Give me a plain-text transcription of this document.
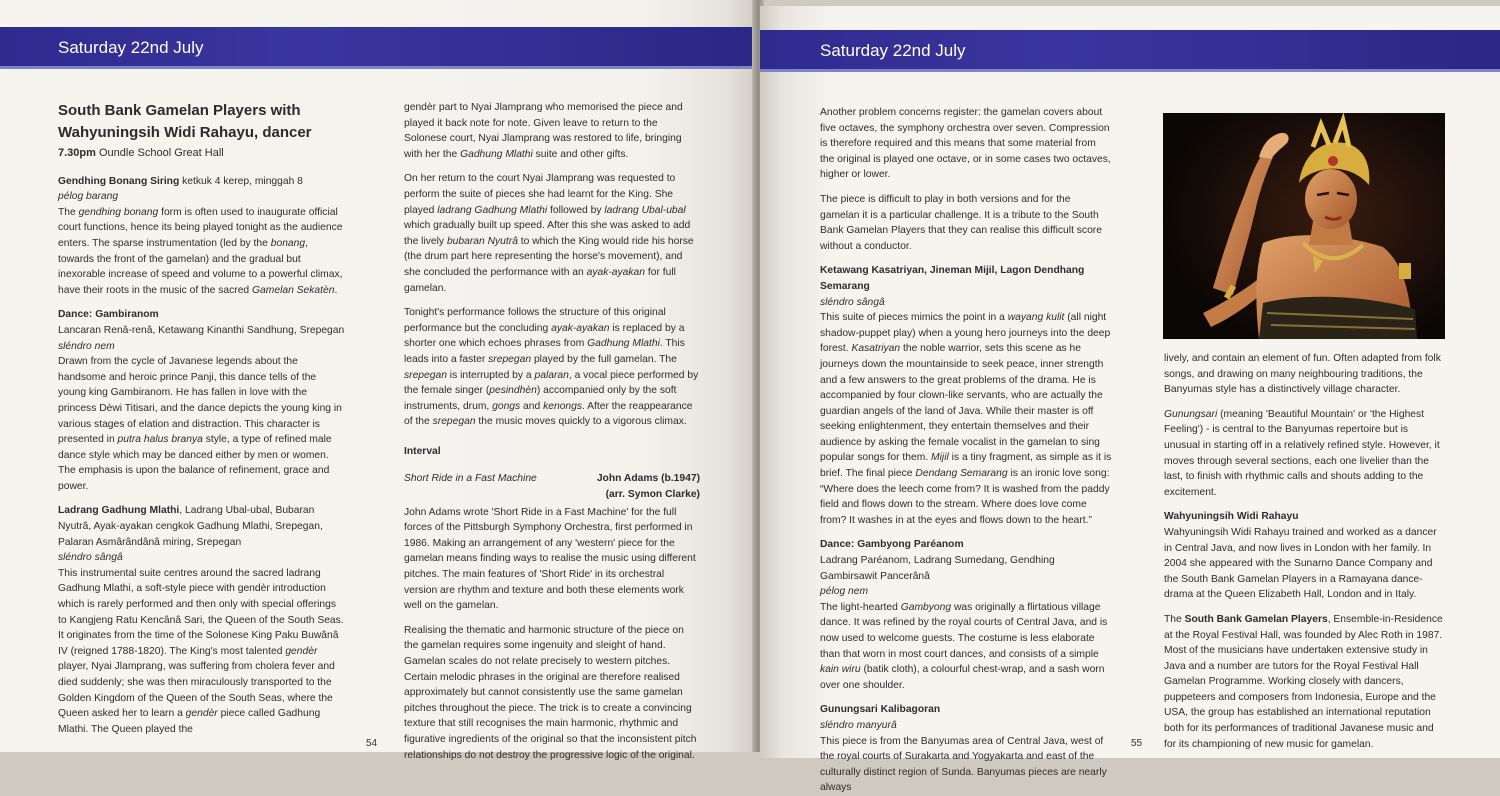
Saturday 22nd July
South Bank Gamelan Players with Wahyuningsih Widi Rahayu, dancer
7.30pm Oundle School Great Hall
Gendhing Bonang Siring ketkuk 4 kerep, minggah 8
pélog barang

The gendhing bonang form is often used to inaugurate official court functions, hence its being played tonight as the audience enters. The sparse instrumentation (led by the bonang, towards the front of the gamelan) and the gradual but inexorable increase of speed and volume to a powerful climax, have their roots in the music of the sacred Gamelan Sekatèn.

Dance: Gambiranom
Lancaran Renâ-renâ, Ketawang Kinanthi Sandhung, Srepegan
sléndro nem

Drawn from the cycle of Javanese legends about the handsome and heroic prince Panji, this dance tells of the young king Gambiranom. He has fallen in love with the princess Dèwi Titisari, and the dance depicts the young king in various stages of elation and distraction. This character is presented in putra halus branya style, a type of refined male dance style which may be danced either by men or women. The emphasis is upon the balance of refinement, grace and power.

Ladrang Gadhung Mlathi, Ladrang Ubal-ubal, Bubaran Nyutrâ, Ayak-ayakan cengkok Gadhung Mlathi, Srepegan, Palaran Asmârândânâ miring, Srepegan
sléndro sângâ
This instrumental suite centres around the sacred ladrang Gadhung Mlathi, a soft-style piece with gendèr introduction which is rarely performed and then only with special offerings to Kangjeng Ratu Kencânâ Sari, the Queen of the South Seas.
It originates from the time of the Solonese King Paku Buwânâ IV (reigned 1788-1820). The King's most talented gendèr player, Nyai Jlamprang, was suffering from cholera fever and died suddenly; she was then miraculously transported to the Golden Kingdom of the Queen of the South Seas, where the Queen asked her to learn a gendèr piece called Gadhung Mlathi. The Queen played the

gendèr part to Nyai Jlamprang who memorised the piece and played it back note for note. Given leave to return to the Solonese court, Nyai Jlamprang was restored to life, bringing with her the Gadhung Mlathi suite and other gifts.

On her return to the court Nyai Jlamprang was requested to perform the suite of pieces she had learnt for the King. She played ladrang Gadhung Mlathi followed by ladrang Ubal-ubal which gradually built up speed. After this she was asked to add the lively bubaran Nyutrâ to which the King would ride his horse (the drum part here representing the horse's movement), and she concluded the performance with an ayak-ayakan for full gamelan.

Tonight's performance follows the structure of this original performance but the concluding ayak-ayakan is replaced by a shorter one which echoes phrases from Gadhung Mlathi. This leads into a faster srepegan played by the full gamelan. The srepegan is interrupted by a palaran, a vocal piece performed by the female singer (pesindhèn) accompanied only by the soft instruments, drum, gongs and kenongs. After the reappearance of the srepegan the music moves quickly to a vigorous climax.

Interval

Short Ride in a Fast Machine	John Adams (b.1947)
(arr. Symon Clarke)

John Adams wrote 'Short Ride in a Fast Machine' for the full forces of the Pittsburgh Symphony Orchestra, first performed in 1986. Making an arrangement of any 'western' piece for the gamelan means finding ways to realise the music using different pitches. The main features of 'Short Ride' in its orchestral version are rhythm and texture and both these elements work well on the gamelan.

Realising the thematic and harmonic structure of the piece on the gamelan requires some ingenuity and sleight of hand. Gamelan scales do not relate precisely to western pitches. Certain melodic phrases in the original are therefore realised approximately but cannot consistently use the same gamelan pitches throughout the piece. The trick is to create a convincing texture that still recognises the main harmonic, rhythmic and figurative ingredients of the original so that the inconsistent pitch relationships do not destroy the progressive logic of the original.

54
Saturday 22nd July

Another problem concerns register: the gamelan covers about five octaves, the symphony orchestra over seven. Compression is therefore required and this means that some material from the original is played one octave, or in some cases two octaves, higher or lower.

The piece is difficult to play in both versions and for the gamelan it is a particular challenge. It is a tribute to the South Bank Gamelan Players that they can realise this difficult score without a conductor.

Ketawang Kasatriyan, Jineman Mijil, Lagon Dendhang Semarang
sléndro sângâ
This suite of pieces mimics the point in a wayang kulit (all night shadow-puppet play) when a young hero journeys into the deep forest. Kasatriyan the noble warrior, sets this scene as he journeys down the mountainside to seek peace, inner strength and a few answers to the great problems of the drama. He is accompanied by four clown-like servants, who are actually the guardian angels of the land of Java. While their master is off seeking enlightenment, they entertain themselves and their audience by asking the female vocalist in the gamelan to sing popular songs for them. Mijil is a tiny fragment, as simple as it is brief. The final piece Dendang Semarang is an ironic love song:

“Where does the leech come from? It is washed from the paddy field and flows down to the stream. Where does love come from? It washes in at the eyes and flows down to the heart.”

Dance: Gambyong Paréanom
Ladrang Paréanom, Ladrang Sumedang, Gendhing Gambirsawit Pancerânâ
pélog nem

The light-hearted Gambyong was originally a flirtatious village dance. It was refined by the royal courts of Central Java, and is now used to welcome guests. The costume is less elaborate than that worn in most court dances, and consists of a simple kain wiru (batik cloth), a colourful chest-wrap, and a sash worn over one shoulder.

Gunungsari Kalibagoran
sléndro manyurâ
This piece is from the Banyumas area of Central Java, west of the royal courts of Surakarta and Yogyakarta and east of the culturally distinct region of Sunda. Banyumas pieces are nearly always

lively, and contain an element of fun. Often adapted from folk songs, and drawing on many neighbouring traditions, the Banyumas style has a distinctively village character.

Gunungsari (meaning 'Beautiful Mountain' or 'the Highest Feeling') - is central to the Banyumas repertoire but is unusual in starting off in a relatively refined style. However, it moves through several sections, each one livelier than the last, to finish with rhythmic calls and shouts adding to the excitement.

Wahyuningsih Widi Rahayu

Wahyuningsih Widi Rahayu trained and worked as a dancer in Central Java, and now lives in London with her family. In 2004 she appeared with the Sunarno Dance Company and the South Bank Gamelan Players in a Ramayana dance-drama at the Queen Elizabeth Hall, London and in Italy.

The South Bank Gamelan Players, Ensemble-in-Residence at the Royal Festival Hall, was founded by Alec Roth in 1987. Most of the musicians have undertaken extensive study in Java and a number are tutors for the Royal Festival Hall Gamelan Programme. Working closely with dancers, puppeteers and composers from Indonesia, Europe and the USA, the group has established an international reputation both for its performances of traditional Javanese music and for its championing of new music for gamelan.

55
